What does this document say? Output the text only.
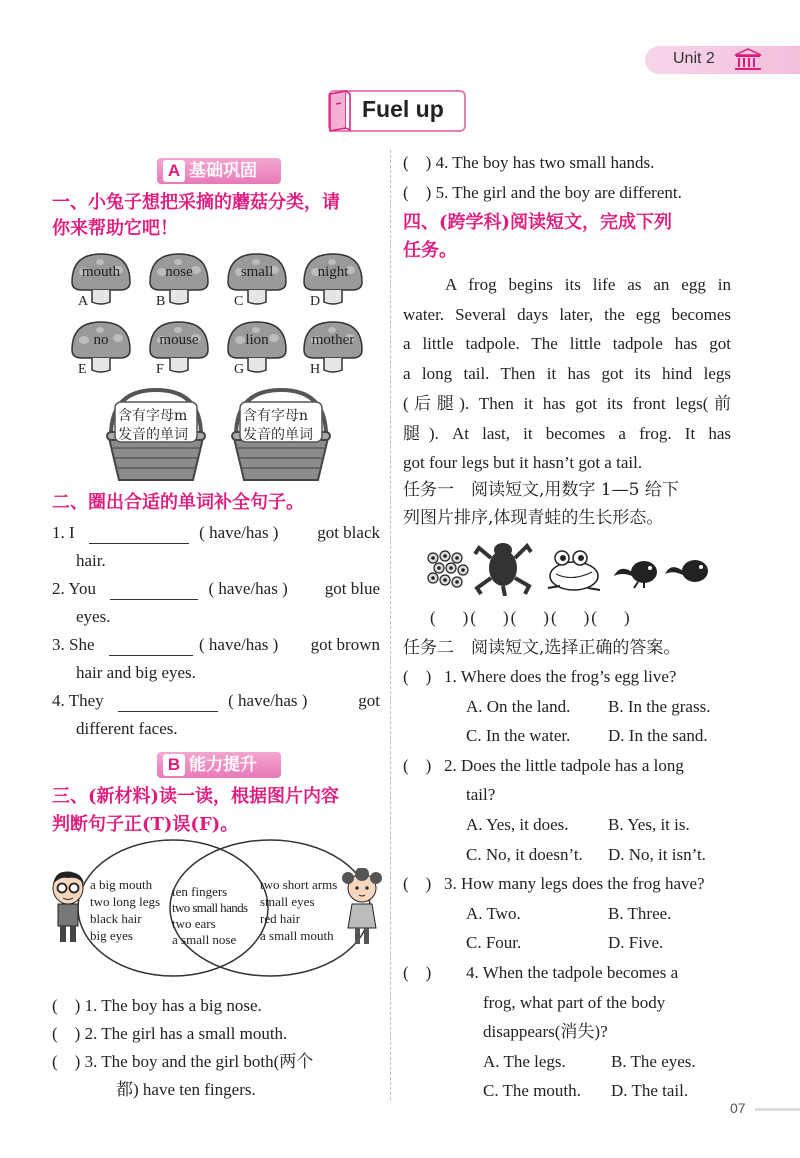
Unit 2
Fuel up
A 基础巩固
一、小兔子想把采摘的蘑菇分类，请
你来帮助它吧！
mouth
A
nose
B
small
C
night
D
no
E
mouse
F
lion
G
mother
H
含有字母m
发音的单词
含有字母n
发音的单词
二、圈出合适的单词补全句子。
1. I	( have/has ) got black
hair.
2. You	( have/has ) got blue
eyes.
3. She	( have/has ) got brown
hair and big eyes.
4. They	( have/has )	got
different faces.
B 能力提升
三、(新材料)读一读，根据图片内容
判断句子正(T)误(F)。
a big mouth
two long legs
black hair
big eyes
ten fingers
two small hands
two ears
a small nose
two short arms
small eyes
red hair
a small mouth
(    ) 1. The boy has a big nose.
(    ) 2. The girl has a small mouth.
(    ) 3. The boy and the girl both(两个
都) have ten fingers.
(    ) 4. The boy has two small hands.
(    ) 5. The girl and the boy are different.
四、(跨学科)阅读短文，完成下列
任务。
A frog begins its life as an egg in
water. Several days later, the egg becomes
a little tadpole. The little tadpole has got
a long tail. Then it has got its hind legs
(后腿). Then it has got its front legs(前
腿). At last, it becomes a frog. It has
got four legs but it hasn’t got a tail.
任务一　阅读短文,用数字 1—5 给下
列图片排序,体现青蛙的生长形态。
(    )(    )(    )(    )(    )
任务二　阅读短文,选择正确的答案。
(    ) 1. Where does the frog’s egg live?
A. On the land. B. In the grass.
C. In the water. D. In the sand.
(    ) 2. Does the little tadpole has a long
tail?
A. Yes, it does. B. Yes, it is.
C. No, it doesn’t. D. No, it isn’t.
(    ) 3. How many legs does the frog have?
A. Two.	B. Three.
C. Four.	D. Five.
(    ) 4. When the tadpole becomes a
frog, what part of the body
disappears(消失)?
A. The legs.	B. The eyes.
C. The mouth. D. The tail.
07
